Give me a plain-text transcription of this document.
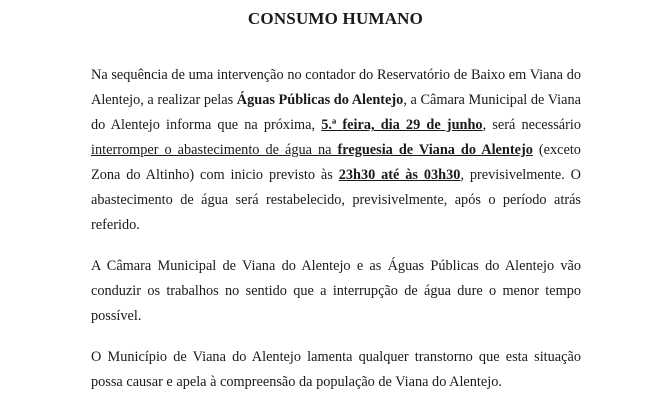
CONSUMO HUMANO

Na sequência de uma intervenção no contador do Reservatório de Baixo em Viana do Alentejo, a realizar pelas Águas Públicas do Alentejo, a Câmara Municipal de Viana do Alentejo informa que na próxima, 5.ª feira, dia 29 de junho, será necessário interromper o abastecimento de água na freguesia de Viana do Alentejo (exceto Zona do Altinho) com inicio previsto às 23h30 até às 03h30, previsivelmente. O abastecimento de água será restabelecido, previsivelmente, após o período atrás referido.

A Câmara Municipal de Viana do Alentejo e as Águas Públicas do Alentejo vão conduzir os trabalhos no sentido que a interrupção de água dure o menor tempo possível.

O Município de Viana do Alentejo lamenta qualquer transtorno que esta situação possa causar e apela à compreensão da população de Viana do Alentejo.
